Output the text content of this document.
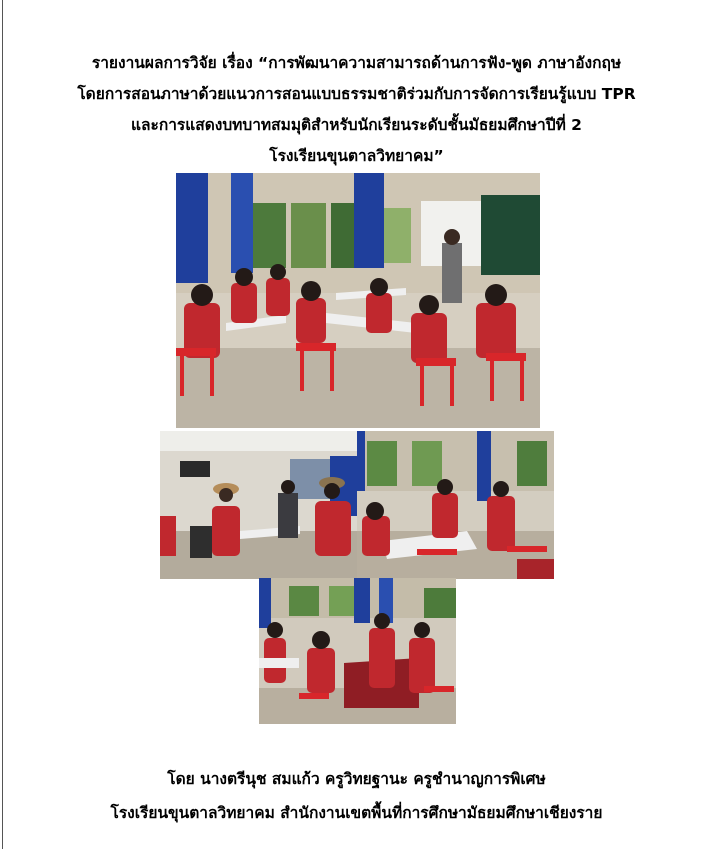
รายงานผลการวิจัย เรื่อง “การพัฒนาความสามารถด้านการฟัง-พูด ภาษาอังกฤษ
โดยการสอนภาษาด้วยแนวการสอนแบบธรรมชาติร่วมกับการจัดการเรียนรู้แบบ TPR
และการแสดงบทบาทสมมุติสำหรับนักเรียนระดับชั้นมัธยมศึกษาปีที่ 2
โรงเรียนขุนตาลวิทยาคม”
โดย นางตรีนุช สมแก้ว ครูวิทยฐานะ ครูชำนาญการพิเศษ
โรงเรียนขุนตาลวิทยาคม สำนักงานเขตพื้นที่การศึกษามัธยมศึกษาเชียงราย
